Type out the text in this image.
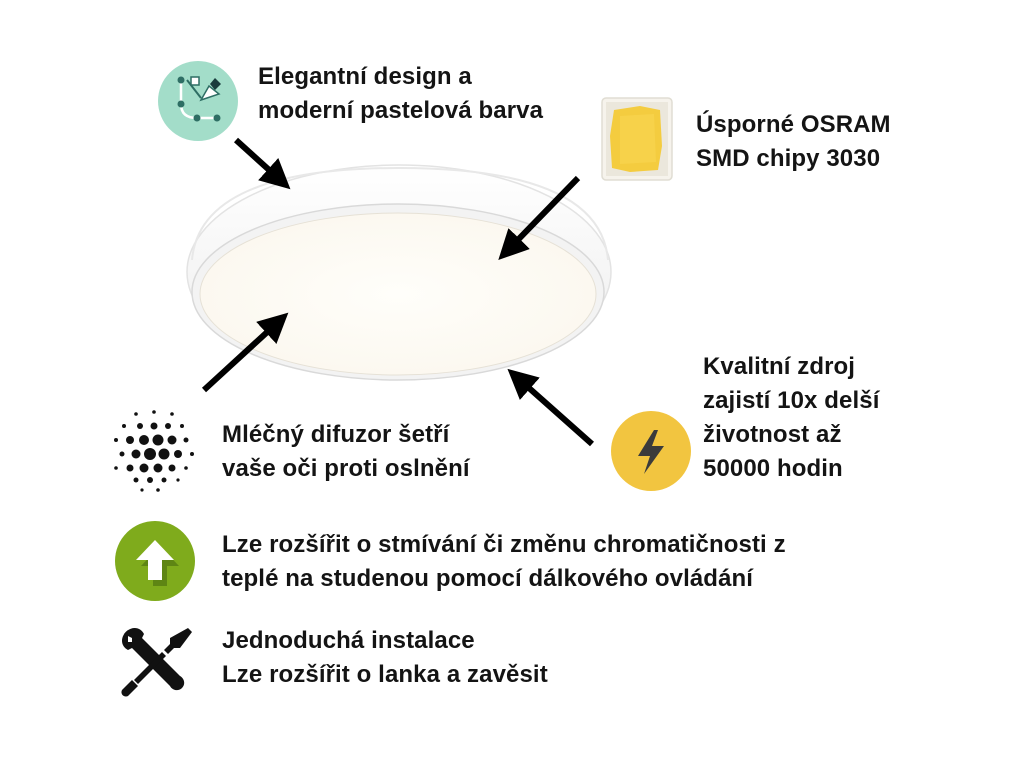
Elegantní design a
moderní pastelová barva
Úsporné OSRAM
SMD chipy 3030
Kvalitní zdroj
zajistí 10x delší
životnost až
50000 hodin
Mléčný difuzor šetří
vaše oči proti oslnění
Lze rozšířit o stmívání či změnu chromatičnosti z
teplé na studenou pomocí dálkového ovládání
Jednoduchá instalace
Lze rozšířit o lanka a zavěsit
